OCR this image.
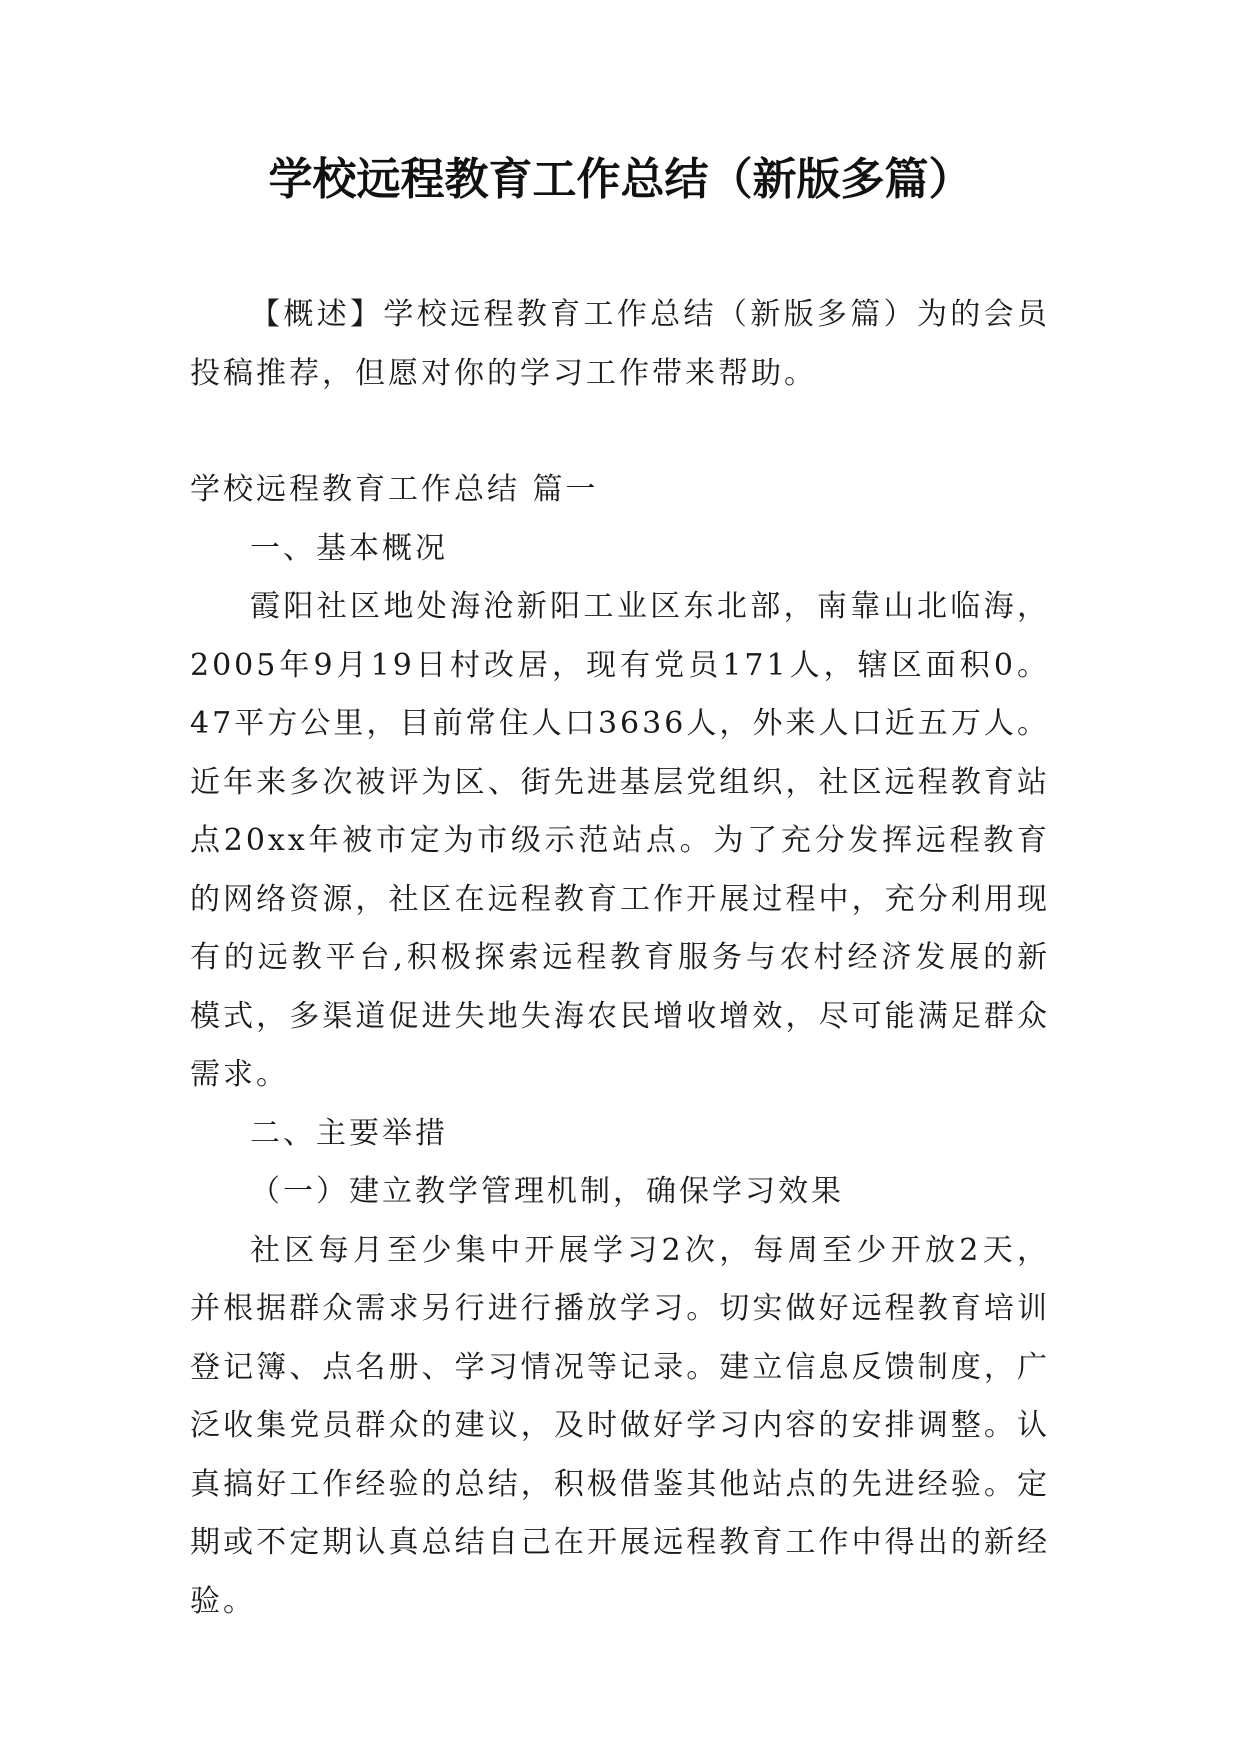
学校远程教育工作总结（新版多篇）

【概述】学校远程教育工作总结（新版多篇）为的会员投稿推荐，但愿对你的学习工作带来帮助。

学校远程教育工作总结 篇一

一、基本概况

霞阳社区地处海沧新阳工业区东北部，南靠山北临海，2005年9月19日村改居，现有党员171人，辖区面积0。47平方公里，目前常住人口3636人，外来人口近五万人。近年来多次被评为区、街先进基层党组织，社区远程教育站点20xx年被市定为市级示范站点。为了充分发挥远程教育的网络资源，社区在远程教育工作开展过程中，充分利用现有的远教平台,积极探索远程教育服务与农村经济发展的新模式，多渠道促进失地失海农民增收增效，尽可能满足群众需求。

二、主要举措

（一）建立教学管理机制，确保学习效果

社区每月至少集中开展学习2次，每周至少开放2天，并根据群众需求另行进行播放学习。切实做好远程教育培训登记簿、点名册、学习情况等记录。建立信息反馈制度，广泛收集党员群众的建议，及时做好学习内容的安排调整。认真搞好工作经验的总结，积极借鉴其他站点的先进经验。定期或不定期认真总结自己在开展远程教育工作中得出的新经验。
